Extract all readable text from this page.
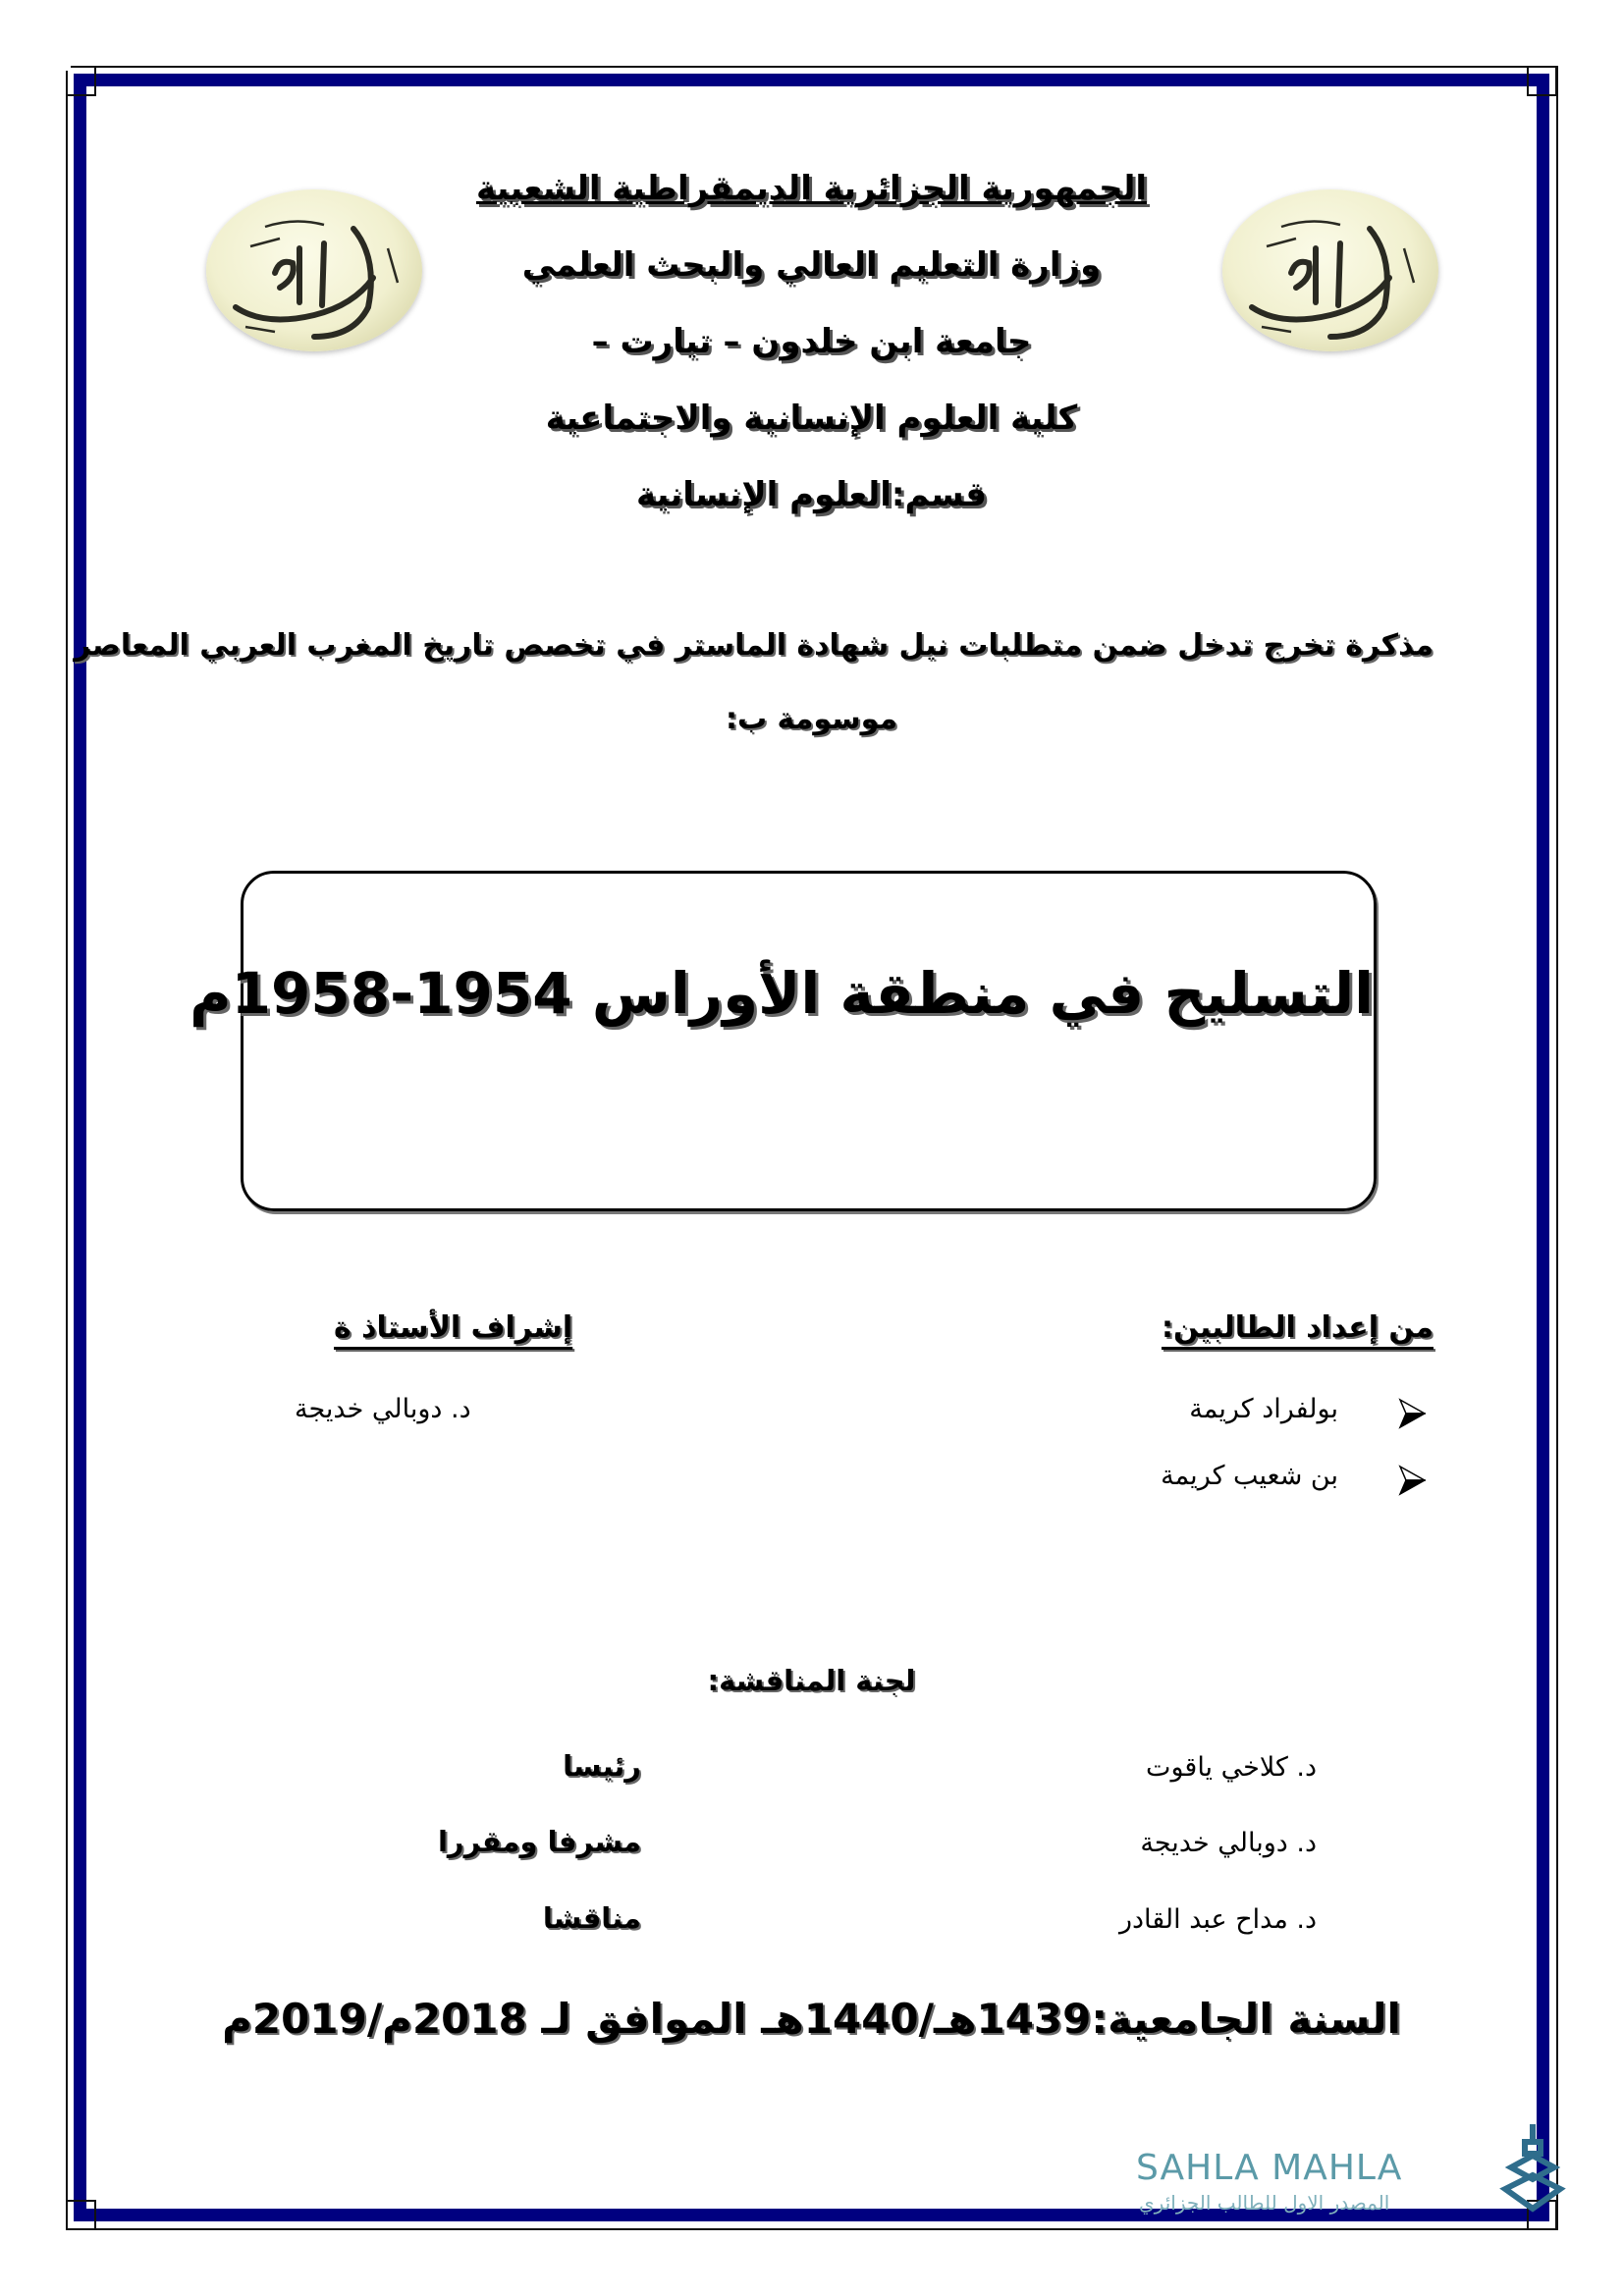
الجمهورية الجزائرية الديمقراطية الشعبية
وزارة التعليم العالي والبحث العلمي
جامعة ابن خلدون – تيارت –
كلية العلوم الإنسانية والاجتماعية
قسم:العلوم الإنسانية
مذكرة تخرج تدخل ضمن متطلبات نيل شهادة الماستر في تخصص تاريخ المغرب العربي المعاصر
موسومة ب:
التسليح في منطقة الأوراس 1954-1958م
من إعداد الطالبين:
بولفراد كريمة
بن شعيب كريمة
إشراف الأستاذ ة
د. دوبالي خديجة
لجنة المناقشة:
د. كلاخي ياقوت
رئيسا
د. دوبالي خديجة
مشرفا ومقررا
د. مداح عبد القادر
مناقشا
السنة الجامعية:1439هـ/1440هـ الموافق لـ 2018م/2019م
SAHLA MAHLA
المصدر الاول للطالب الجزائري
